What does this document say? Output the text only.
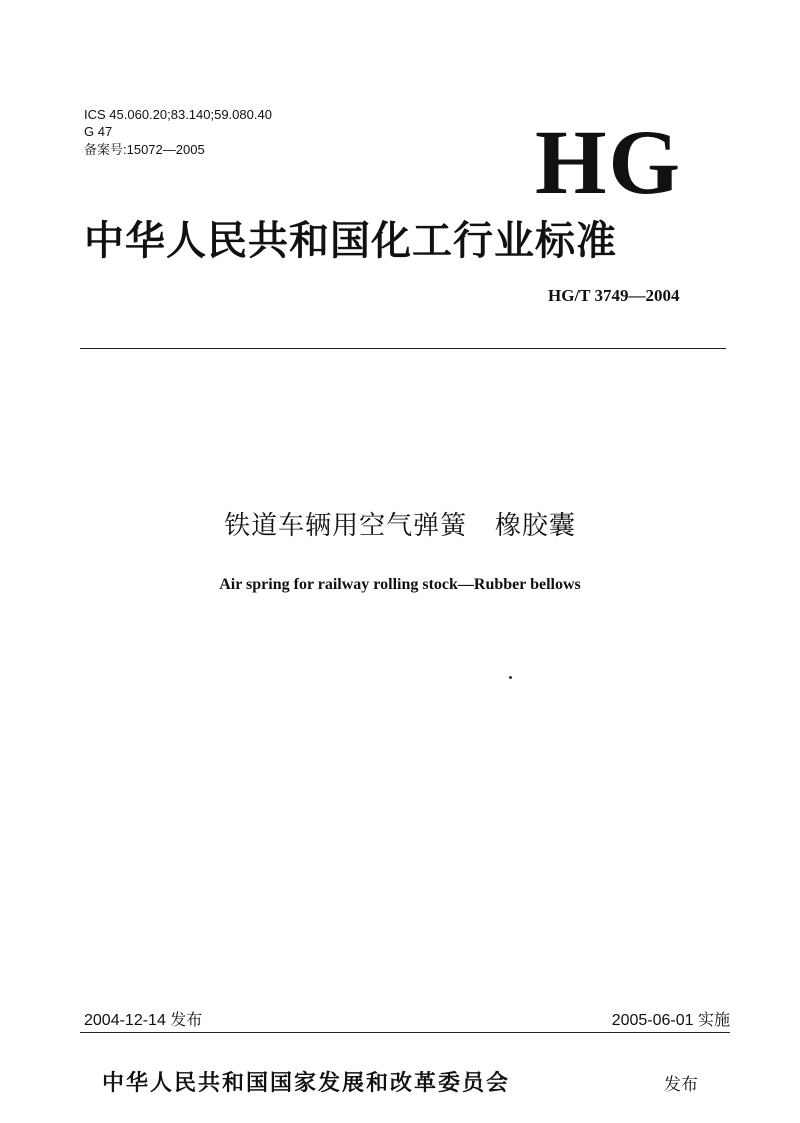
ICS 45.060.20;83.140;59.080.40
G 47
备案号:15072—2005	HG
中华人民共和国化工行业标准
HG/T 3749—2004
铁道车辆用空气弹簧   橡胶囊
Air spring for railway rolling stock—Rubber bellows
2004-12-14 发布	2005-06-01 实施
中华人民共和国国家发展和改革委员会	发布
